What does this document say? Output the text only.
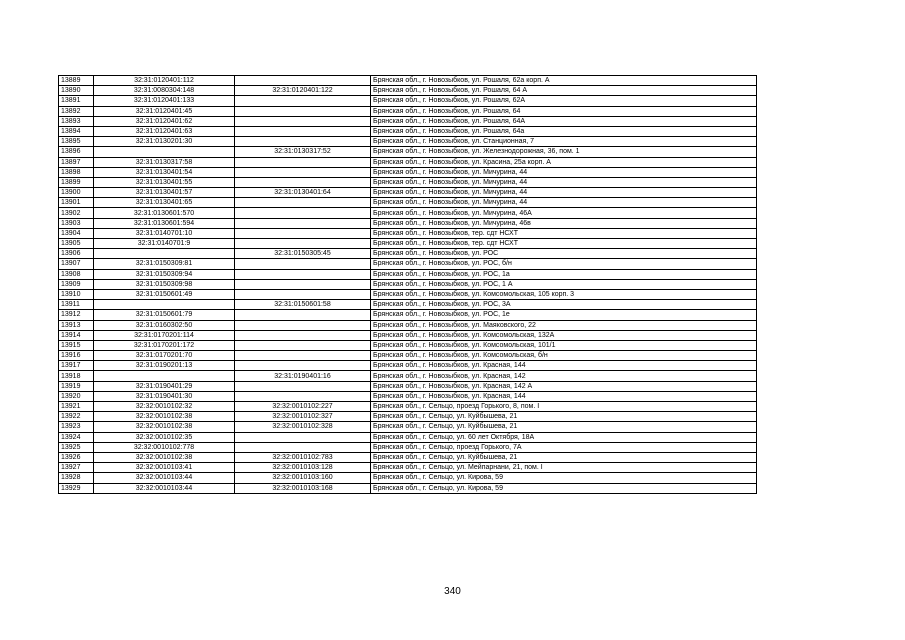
13889	32:31:0120401:112		Брянская обл., г. Новозыбков, ул. Рошаля, 62а корп. А
13890	32:31:0080304:148	32:31:0120401:122	Брянская обл., г. Новозыбков, ул. Рошаля, 64 А
13891	32:31:0120401:133		Брянская обл., г. Новозыбков, ул. Рошаля, 62А
13892	32:31:0120401:45		Брянская обл., г. Новозыбков, ул. Рошаля, 64
13893	32:31:0120401:62		Брянская обл., г. Новозыбков, ул. Рошаля, 64А
13894	32:31:0120401:63		Брянская обл., г. Новозыбков, ул. Рошаля, 64а
13895	32:31:0130201:30		Брянская обл., г. Новозыбков, ул. Станционная, 7
13896		32:31:0130317:52	Брянская обл., г. Новозыбков, ул. Железнодорожная, 36, пом. 1
13897	32:31:0130317:58		Брянская обл., г. Новозыбков, ул. Красина, 25а корп. А
13898	32:31:0130401:54		Брянская обл., г. Новозыбков, ул. Мичурина, 44
13899	32:31:0130401:55		Брянская обл., г. Новозыбков, ул. Мичурина, 44
13900	32:31:0130401:57	32:31:0130401:64	Брянская обл., г. Новозыбков, ул. Мичурина, 44
13901	32:31:0130401:65		Брянская обл., г. Новозыбков, ул. Мичурина, 44
13902	32:31:0130601:570		Брянская обл., г. Новозыбков, ул. Мичурина, 46А
13903	32:31:0130601:594		Брянская обл., г. Новозыбков, ул. Мичурина, 46в
13904	32:31:0140701:10		Брянская обл., г. Новозыбков, тер. сдт НСХТ
13905	32:31:0140701:9		Брянская обл., г. Новозыбков, тер. сдт НСХТ
13906		32:31:0150305:45	Брянская обл., г. Новозыбков, ул. РОС
13907	32:31:0150309:81		Брянская обл., г. Новозыбков, ул. РОС, б/н
13908	32:31:0150309:94		Брянская обл., г. Новозыбков, ул. РОС, 1а
13909	32:31:0150309:98		Брянская обл., г. Новозыбков, ул. РОС, 1 А
13910	32:31:0150601:49		Брянская обл., г. Новозыбков, ул. Комсомольская, 105 корп. 3
13911		32:31:0150601:58	Брянская обл., г. Новозыбков, ул. РОС, 3А
13912	32:31:0150601:79		Брянская обл., г. Новозыбков, ул. РОС, 1е
13913	32:31:0160302:50		Брянская обл., г. Новозыбков, ул. Маяковского, 22
13914	32:31:0170201:114		Брянская обл., г. Новозыбков, ул. Комсомольская, 132А
13915	32:31:0170201:172		Брянская обл., г. Новозыбков, ул. Комсомольская, 101/1
13916	32:31:0170201:70		Брянская обл., г. Новозыбков, ул. Комсомольская, б/н
13917	32:31:0190201:13		Брянская обл., г. Новозыбков, ул. Красная, 144
13918		32:31:0190401:16	Брянская обл., г. Новозыбков, ул. Красная, 142
13919	32:31:0190401:29		Брянская обл., г. Новозыбков, ул. Красная, 142 А
13920	32:31:0190401:30		Брянская обл., г. Новозыбков, ул. Красная, 144
13921	32:32:0010102:32	32:32:0010102:227	Брянская обл., г. Сельцо, проезд Горького, 8, пом. I
13922	32:32:0010102:38	32:32:0010102:327	Брянская обл., г. Сельцо, ул. Куйбышева, 21
13923	32:32:0010102:38	32:32:0010102:328	Брянская обл., г. Сельцо, ул. Куйбышева, 21
13924	32:32:0010102:35		Брянская обл., г. Сельцо, ул. 60 лет Октября, 18А
13925	32:32:0010102:778		Брянская обл., г. Сельцо, проезд Горького, 7А
13926	32:32:0010102:38	32:32:0010102:783	Брянская обл., г. Сельцо, ул. Куйбышева, 21
13927	32:32:0010103:41	32:32:0010103:128	Брянская обл., г. Сельцо, ул. Мейпарнани, 21, пом. I
13928	32:32:0010103:44	32:32:0010103:160	Брянская обл., г. Сельцо, ул. Кирова, 59
13929	32:32:0010103:44	32:32:0010103:168	Брянская обл., г. Сельцо, ул. Кирова, 59
340
